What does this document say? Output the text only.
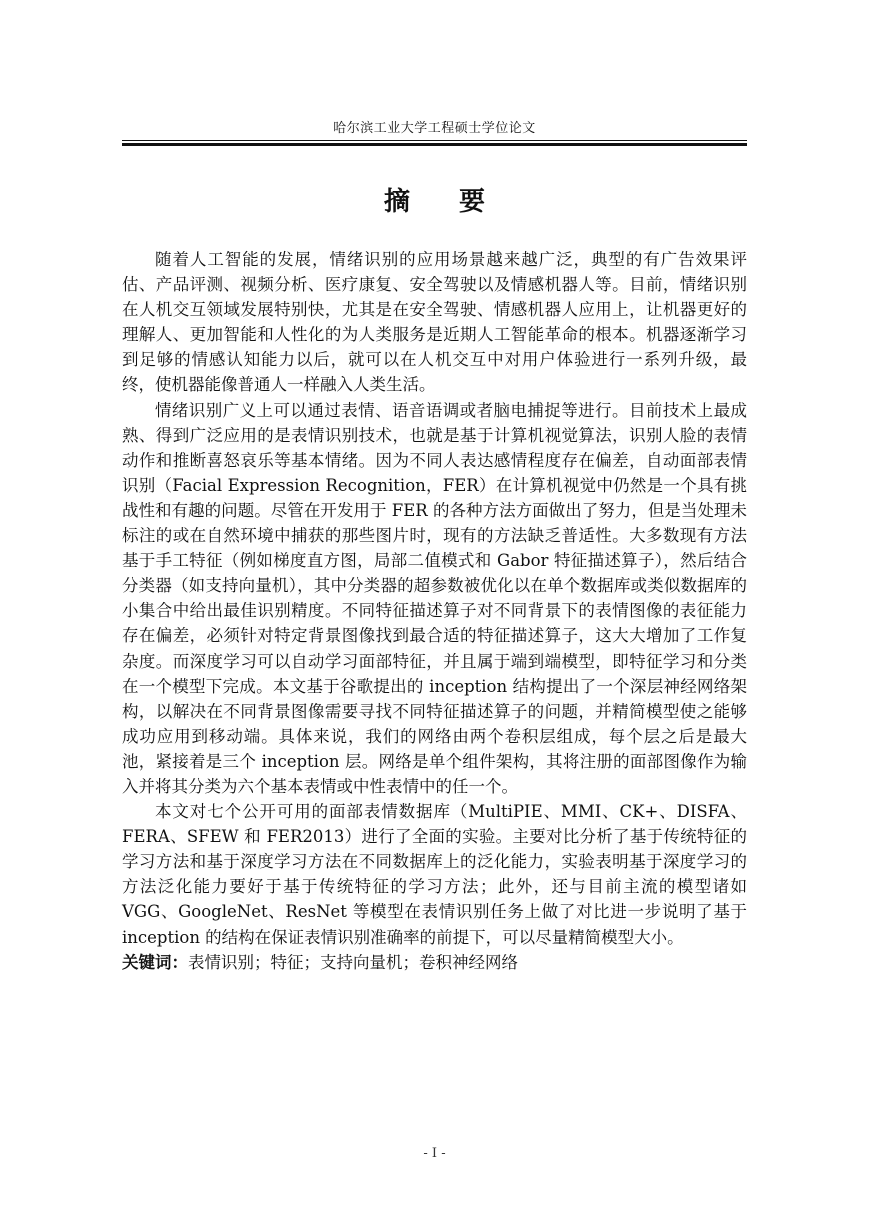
哈尔滨工业大学工程硕士学位论文
摘 要

随着人工智能的发展，情绪识别的应用场景越来越广泛，典型的有广告效果评估、产品评测、视频分析、医疗康复、安全驾驶以及情感机器人等。目前，情绪识别在人机交互领域发展特别快，尤其是在安全驾驶、情感机器人应用上，让机器更好的理解人、更加智能和人性化的为人类服务是近期人工智能革命的根本。机器逐渐学习到足够的情感认知能力以后，就可以在人机交互中对用户体验进行一系列升级，最终，使机器能像普通人一样融入人类生活。

情绪识别广义上可以通过表情、语音语调或者脑电捕捉等进行。目前技术上最成熟、得到广泛应用的是表情识别技术，也就是基于计算机视觉算法，识别人脸的表情动作和推断喜怒哀乐等基本情绪。因为不同人表达感情程度存在偏差，自动面部表情识别（Facial Expression Recognition，FER）在计算机视觉中仍然是一个具有挑战性和有趣的问题。尽管在开发用于 FER 的各种方法方面做出了努力，但是当处理未标注的或在自然环境中捕获的那些图片时，现有的方法缺乏普适性。大多数现有方法基于手工特征（例如梯度直方图，局部二值模式和 Gabor 特征描述算子），然后结合分类器（如支持向量机），其中分类器的超参数被优化以在单个数据库或类似数据库的小集合中给出最佳识别精度。不同特征描述算子对不同背景下的表情图像的表征能力存在偏差，必须针对特定背景图像找到最合适的特征描述算子，这大大增加了工作复杂度。而深度学习可以自动学习面部特征，并且属于端到端模型，即特征学习和分类在一个模型下完成。本文基于谷歌提出的 inception 结构提出了一个深层神经网络架构，以解决在不同背景图像需要寻找不同特征描述算子的问题，并精简模型使之能够成功应用到移动端。具体来说，我们的网络由两个卷积层组成，每个层之后是最大池，紧接着是三个 inception 层。网络是单个组件架构，其将注册的面部图像作为输入并将其分类为六个基本表情或中性表情中的任一个。

本文对七个公开可用的面部表情数据库（MultiPIE、MMI、CK+、DISFA、FERA、SFEW 和 FER2013）进行了全面的实验。主要对比分析了基于传统特征的学习方法和基于深度学习方法在不同数据库上的泛化能力，实验表明基于深度学习的方法泛化能力要好于基于传统特征的学习方法；此外，还与目前主流的模型诸如 VGG、GoogleNet、ResNet 等模型在表情识别任务上做了对比进一步说明了基于 inception 的结构在保证表情识别准确率的前提下，可以尽量精简模型大小。

关键词：表情识别；特征；支持向量机；卷积神经网络
- I -
